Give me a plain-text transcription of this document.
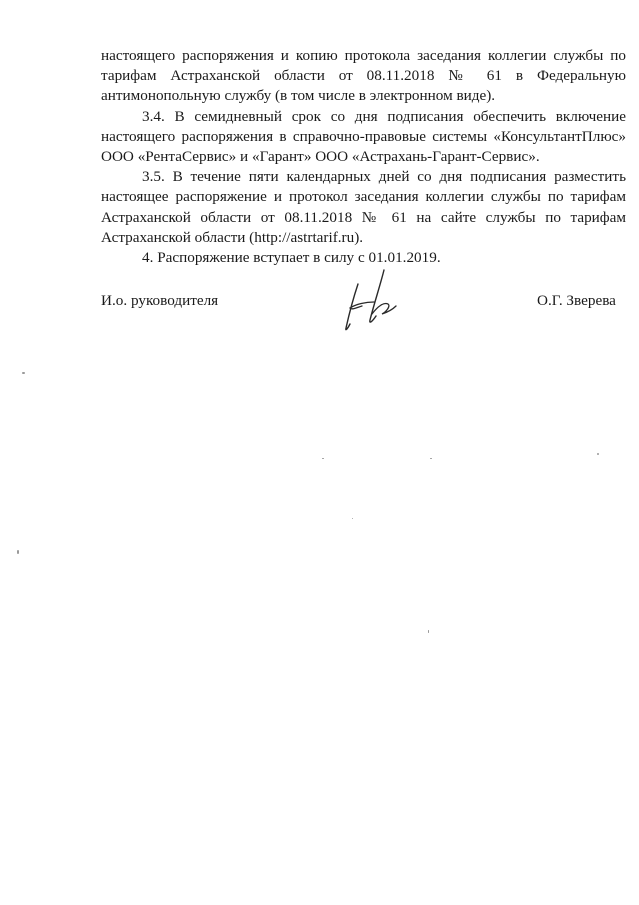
настоящего распоряжения и копию протокола заседания коллегии службы по тарифам Астраханской области от 08.11.2018 № 61 в Федеральную антимонопольную службу (в том числе в электронном виде).

3.4. В семидневный срок со дня подписания обеспечить включение настоящего распоряжения в справочно-правовые системы «КонсультантПлюс» ООО «РентаСервис» и «Гарант» ООО «Астрахань-Гарант-Сервис».

3.5. В течение пяти календарных дней со дня подписания разместить настоящее распоряжение и протокол заседания коллегии службы по тарифам Астраханской области от 08.11.2018 № 61 на сайте службы по тарифам Астраханской области (http://astrtarif.ru).

4. Распоряжение вступает в силу с 01.01.2019.

И.о. руководителя	О.Г. Зверева
